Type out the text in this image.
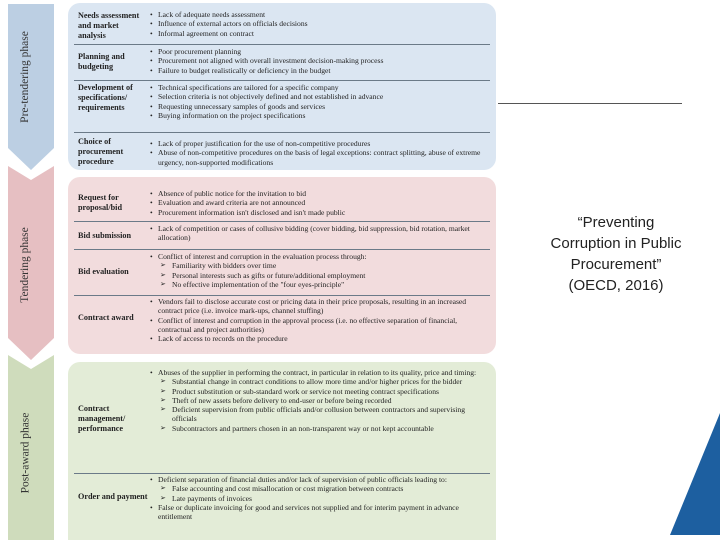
Pre-tendering phase
Tendering phase
Post-award phase
Needs assessment and market analysis
• Lack of adequate needs assessment
• Influence of external actors on officials decisions
• Informal agreement on contract
Planning and budgeting
• Poor procurement planning
• Procurement not aligned with overall investment decision-making process
• Failure to budget realistically or deficiency in the budget
Development of specifications/ requirements
• Technical specifications are tailored for a specific company
• Selection criteria is not objectively defined and not established in advance
• Requesting unnecessary samples of goods and services
• Buying information on the project specifications
Choice of procurement procedure
• Lack of proper justification for the use of non-competitive procedures
• Abuse of non-competitive procedures on the basis of legal exceptions: contract splitting, abuse of extreme urgency, non-supported modifications
Request for proposal/bid
• Absence of public notice for the invitation to bid
• Evaluation and award criteria are not announced
• Procurement information isn't disclosed and isn't made public
Bid submission
• Lack of competition or cases of collusive bidding (cover bidding, bid suppression, bid rotation, market allocation)
Bid evaluation
• Conflict of interest and corruption in the evaluation process through:
➢ Familiarity with bidders over time
➢ Personal interests such as gifts or future/additional employment
➢ No effective implementation of the "four eyes-principle"
Contract award
• Vendors fail to disclose accurate cost or pricing data in their price proposals, resulting in an increased contract price (i.e. invoice mark-ups, channel stuffing)
• Conflict of interest and corruption in the approval process (i.e. no effective separation of financial, contractual and project authorities)
• Lack of access to records on the procedure
Contract management/ performance
• Abuses of the supplier in performing the contract, in particular in relation to its quality, price and timing:
➢ Substantial change in contract conditions to allow more time and/or higher prices for the bidder
➢ Product substitution or sub-standard work or service not meeting contract specifications
➢ Theft of new assets before delivery to end-user or before being recorded
➢ Deficient supervision from public officials and/or collusion between contractors and supervising officials
➢ Subcontractors and partners chosen in an non-transparent way or not kept accountable
Order and payment
• Deficient separation of financial duties and/or lack of supervision of public officials leading to:
➢ False accounting and cost misallocation or cost migration between contracts
➢ Late payments of invoices
• False or duplicate invoicing for good and services not supplied and for interim payment in advance entitlement
“Preventing Corruption in Public Procurement” (OECD, 2016)
